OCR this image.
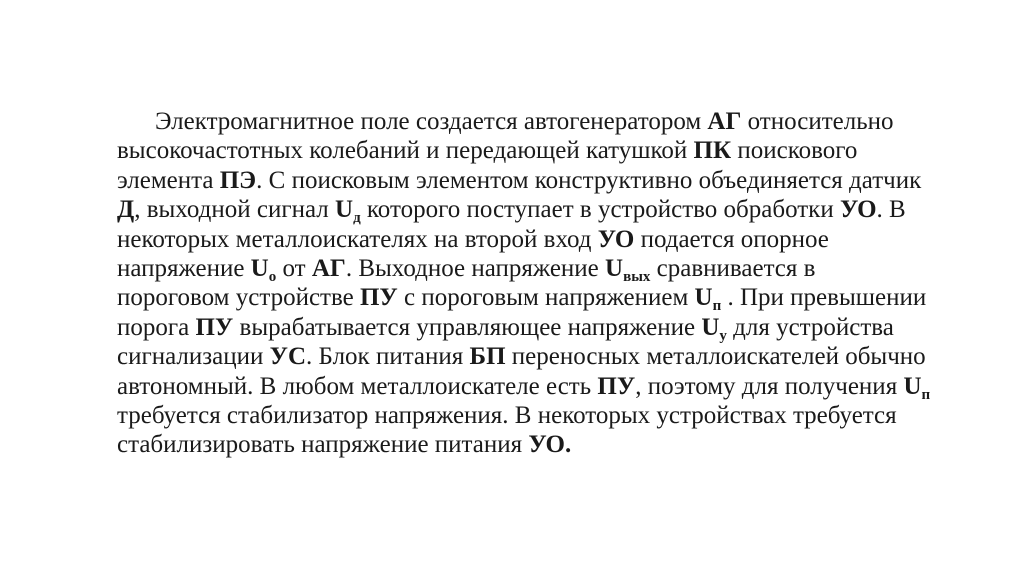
Электромагнитное поле создается автогенератором АГ относительно
высокочастотных колебаний и передающей катушкой ПК поискового
элемента ПЭ. С поисковым элементом конструктивно объединяется датчик
Д, выходной сигнал $U_д$ которого поступает в устройство обработки УО. В
некоторых металлоискателях на второй вход УО подается опорное
напряжение $U_о$ от АГ. Выходное напряжение $U_{вых}$ сравнивается в
пороговом устройстве ПУ с пороговым напряжением $U_п$ . При превышении
порога ПУ вырабатывается управляющее напряжение $U_у$ для устройства
сигнализации УС. Блок питания БП переносных металлоискателей обычно
автономный. В любом металлоискателе есть ПУ, поэтому для получения $U_п$
требуется стабилизатор напряжения. В некоторых устройствах требуется
стабилизировать напряжение питания УО.
